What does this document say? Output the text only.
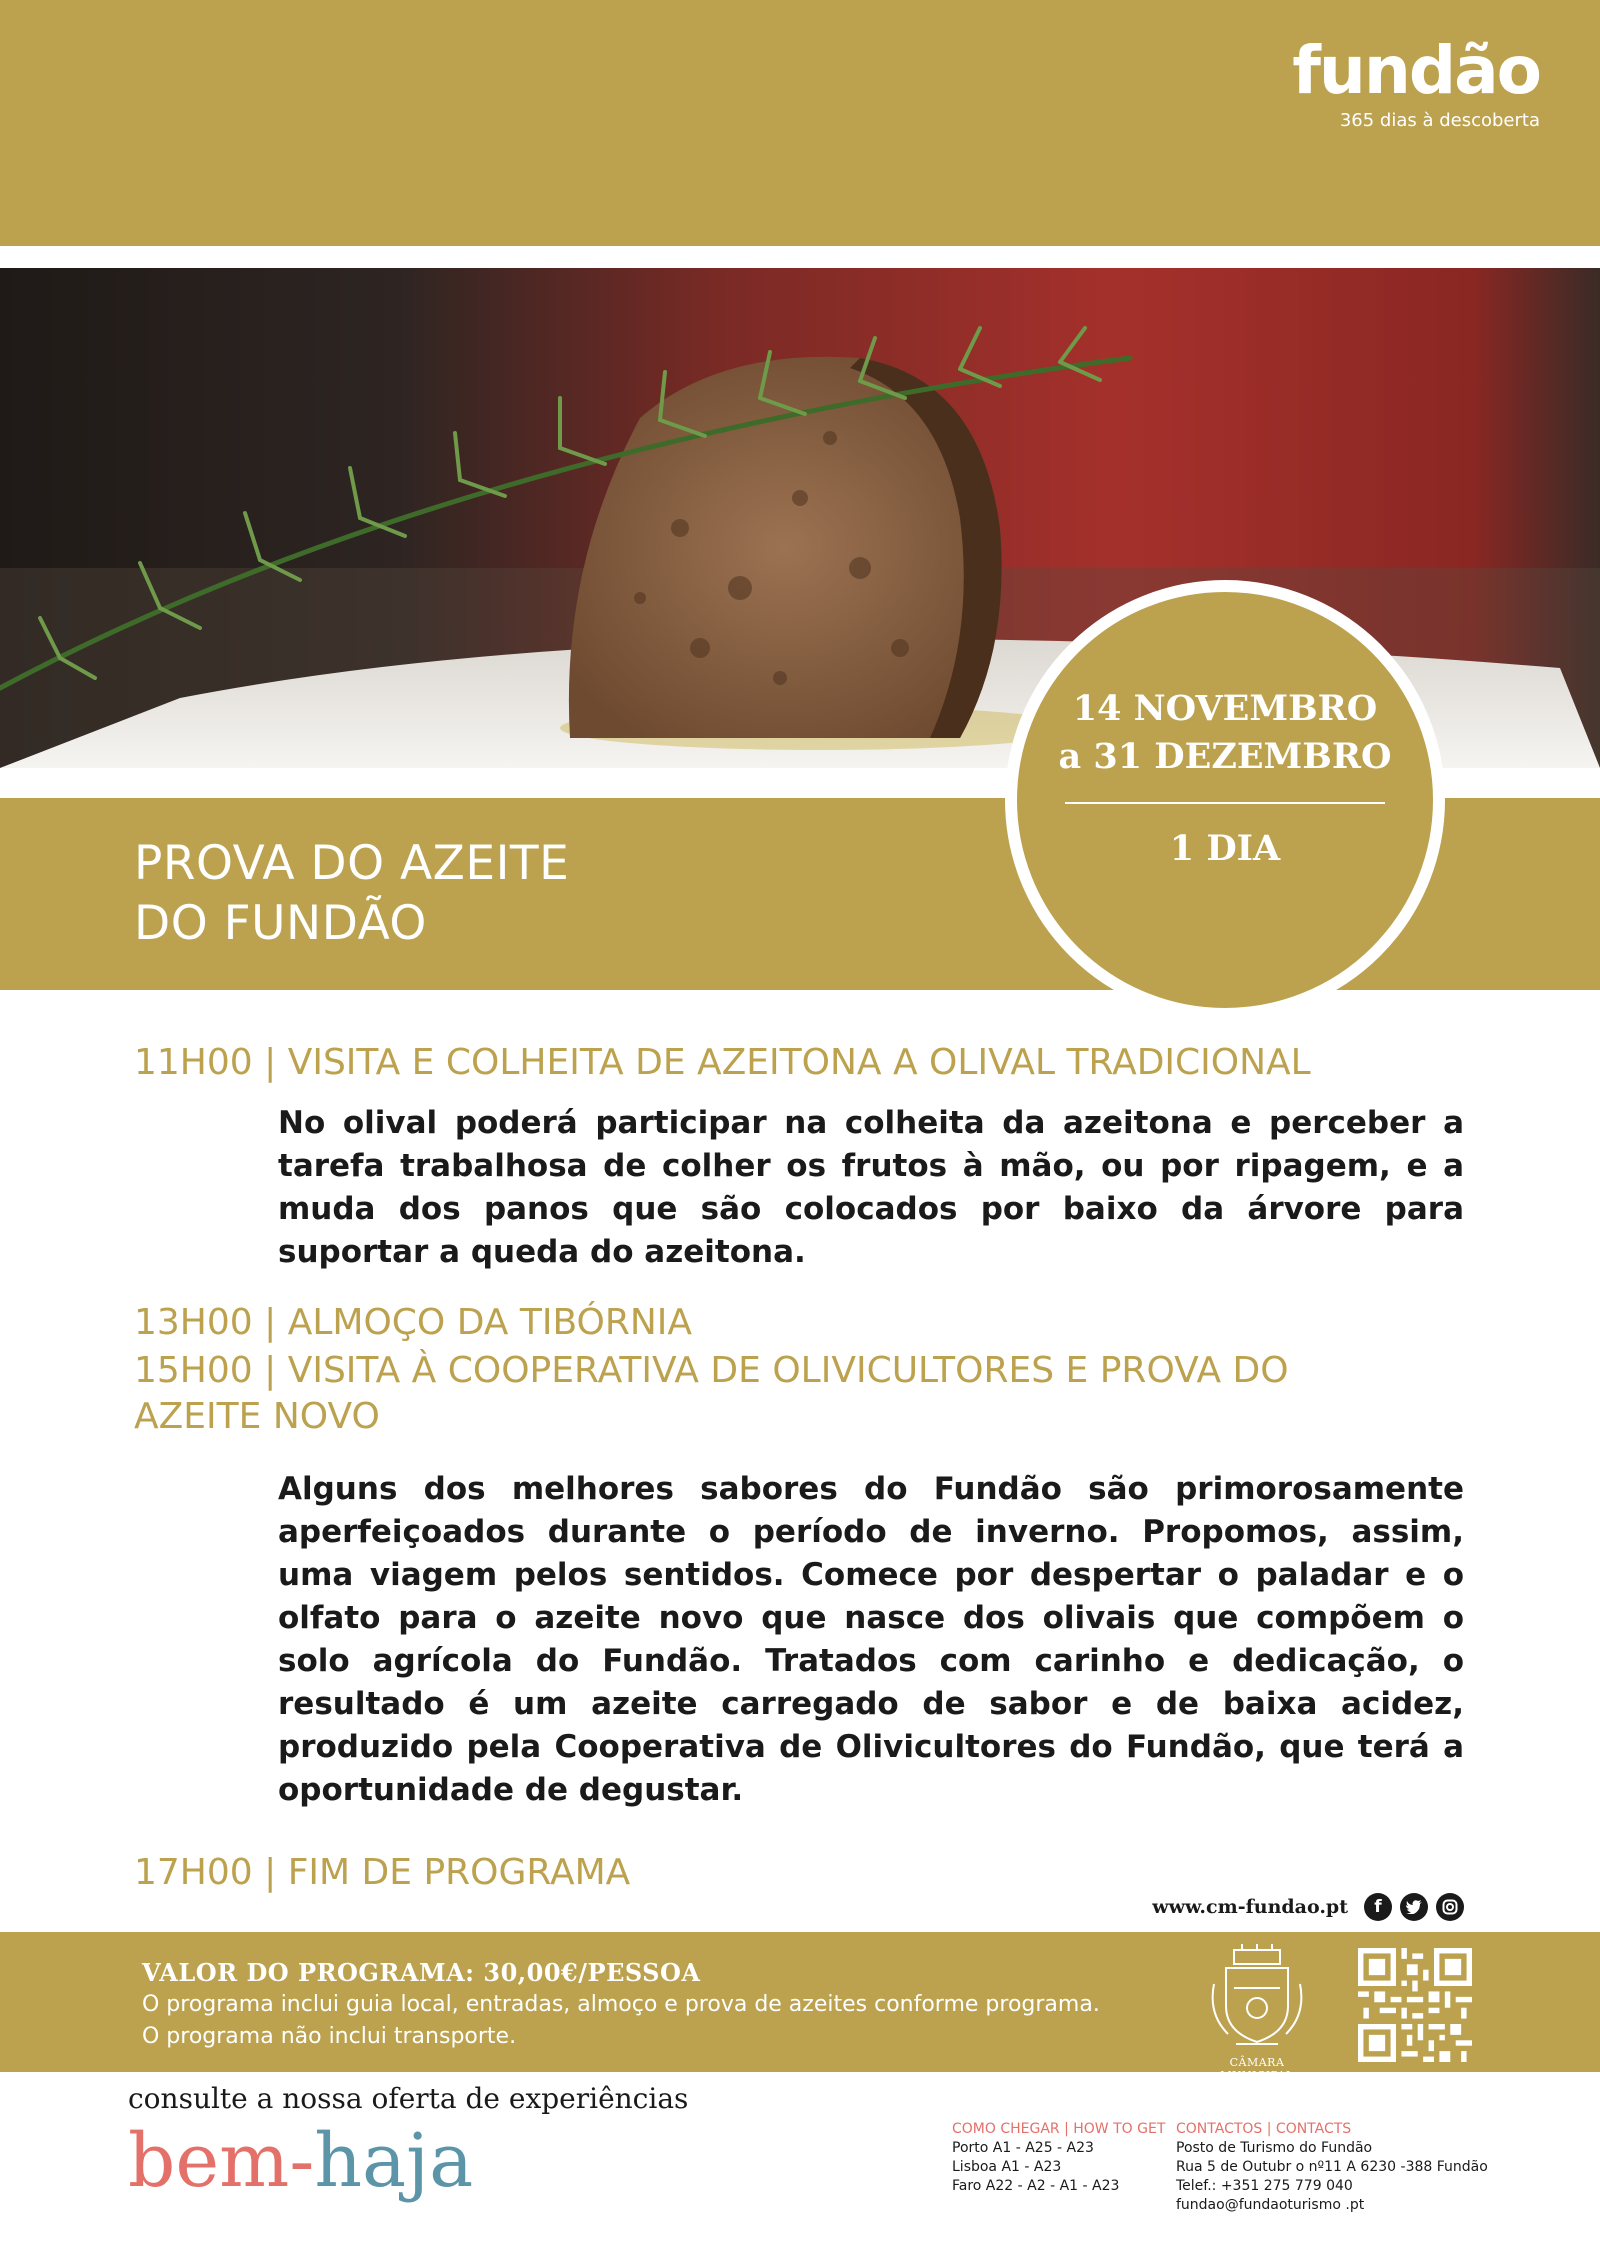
fundão
365 dias à descoberta
PROVA DO AZEITE
DO FUNDÃO
14 NOVEMBRO
a 31 DEZEMBRO
1 DIA
11H00 | VISITA E COLHEITA DE AZEITONA A OLIVAL TRADICIONAL

No olival poderá participar na colheita da azeitona e perceber a tarefa trabalhosa de colher os frutos à mão, ou por ripagem, e a muda dos panos que são colocados por baixo da árvore para suportar a queda do azeitona.

13H00 | ALMOÇO DA TIBÓRNIA
15H00 | VISITA À COOPERATIVA DE OLIVICULTORES E PROVA DO AZEITE NOVO

Alguns dos melhores sabores do Fundão são primorosamente aperfeiçoados durante o período de inverno. Propomos, assim, uma viagem pelos sentidos. Comece por despertar o paladar e o olfato para o azeite novo que nasce dos olivais que compõem o solo agrícola do Fundão. Tratados com carinho e dedicação, o resultado é um azeite carregado de sabor e de baixa acidez, produzido pela Cooperativa de Olivicultores do Fundão, que terá a oportunidade de degustar.

17H00 | FIM DE PROGRAMA
www.cm-fundao.pt	f
VALOR DO PROGRAMA: 30,00€/PESSOA
O programa inclui guia local, entradas, almoço e prova de azeites conforme programa.
O programa não inclui transporte.
CÂMARA MUNICIPAL
consulte a nossa oferta de experiências
bem-haja	COMO CHEGAR | HOW TO GET
Porto A1 - A25 - A23
Lisboa A1 - A23
Faro A22 - A2 - A1 - A23
CONTACTOS | CONTACTS
Posto de Turismo do Fundão
Rua 5 de Outubr o nº11 A 6230 -388 Fundão
Telef.: +351 275 779 040
fundao@fundaoturismo .pt
